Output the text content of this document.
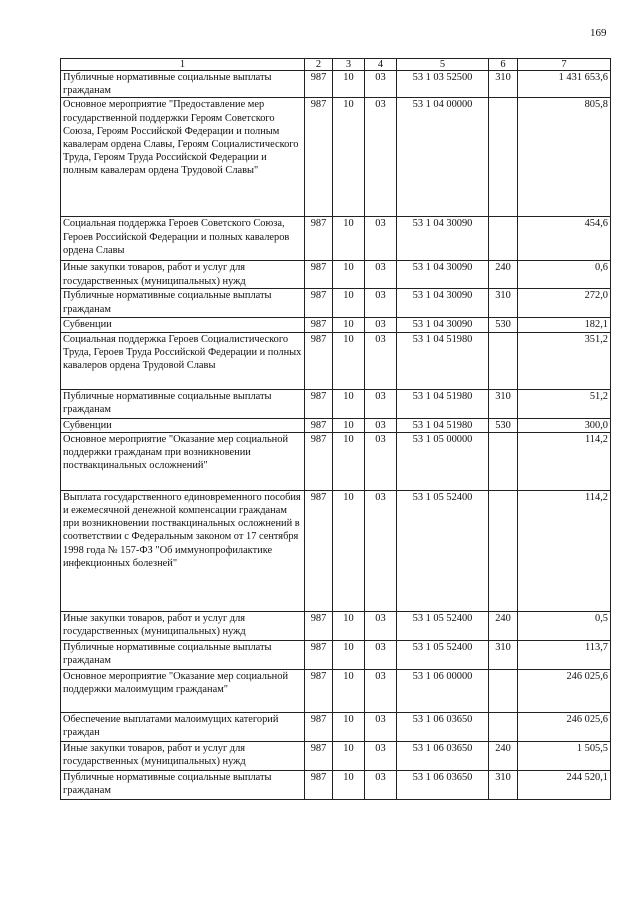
169
1	2	3	4	5	6	7
Публичные нормативные социальные выплаты гражданам	987	10	03	53 1 03 52500	310	1 431 653,6
Основное мероприятие "Предоставление мер государственной поддержки Героям Советского Союза, Героям Российской Федерации и полным кавалерам ордена Славы, Героям Социалистического Труда, Героям Труда Российской Федерации и полным кавалерам ордена Трудовой Славы"	987	10	03	53 1 04 00000		805,8
Социальная поддержка Героев Советского Союза, Героев Российской Федерации и полных кавалеров ордена Славы	987	10	03	53 1 04 30090		454,6
Иные закупки товаров, работ и услуг для государственных (муниципальных) нужд	987	10	03	53 1 04 30090	240	0,6
Публичные нормативные социальные выплаты гражданам	987	10	03	53 1 04 30090	310	272,0
Субвенции	987	10	03	53 1 04 30090	530	182,1
Социальная поддержка Героев Социалистического Труда, Героев Труда Российской Федерации и полных кавалеров ордена Трудовой Славы	987	10	03	53 1 04 51980		351,2
Публичные нормативные социальные выплаты гражданам	987	10	03	53 1 04 51980	310	51,2
Субвенции	987	10	03	53 1 04 51980	530	300,0
Основное мероприятие "Оказание мер социальной поддержки гражданам при возникновении поствакцинальных осложнений"	987	10	03	53 1 05 00000		114,2
Выплата государственного единовременного пособия и ежемесячной денежной компенсации гражданам при возникновении поствакцинальных осложнений в соответствии с Федеральным законом от 17 сентября 1998 года № 157-ФЗ "Об иммунопрофилактике инфекционных болезней"	987	10	03	53 1 05 52400		114,2
Иные закупки товаров, работ и услуг для государственных (муниципальных) нужд	987	10	03	53 1 05 52400	240	0,5
Публичные нормативные социальные выплаты гражданам	987	10	03	53 1 05 52400	310	113,7
Основное мероприятие "Оказание мер социальной поддержки малоимущим гражданам"	987	10	03	53 1 06 00000		246 025,6
Обеспечение выплатами малоимущих категорий граждан	987	10	03	53 1 06 03650		246 025,6
Иные закупки товаров, работ и услуг для государственных (муниципальных) нужд	987	10	03	53 1 06 03650	240	1 505,5
Публичные нормативные социальные выплаты гражданам	987	10	03	53 1 06 03650	310	244 520,1
